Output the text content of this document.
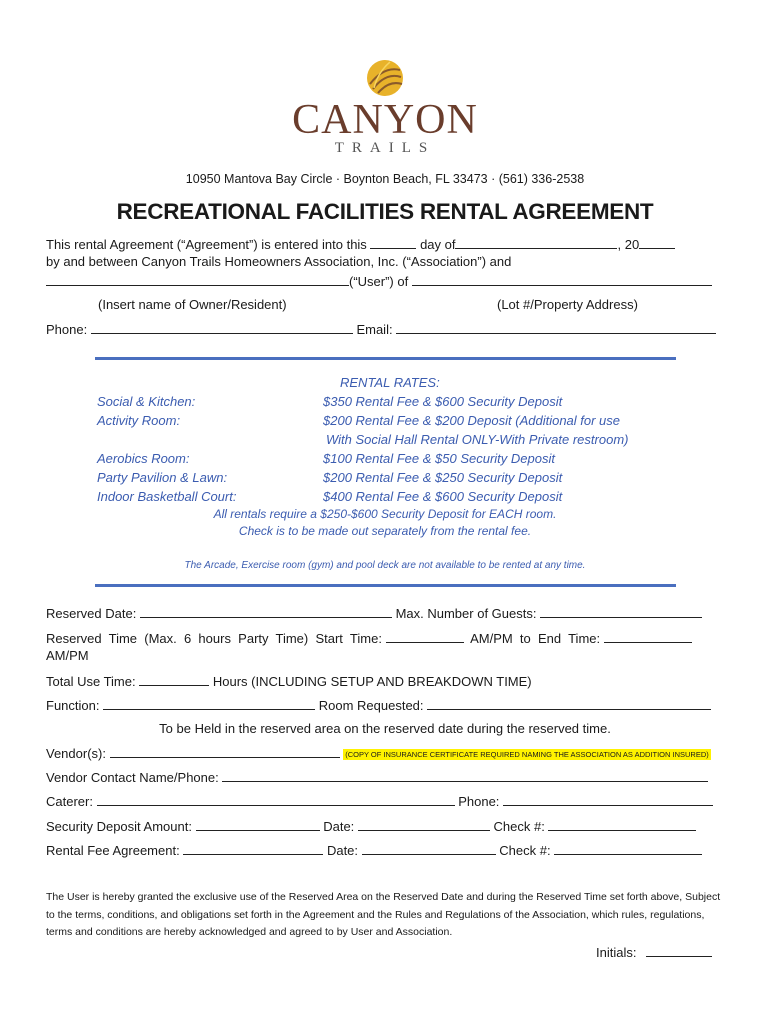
CANYON
TRAILS
10950 Mantova Bay Circle · Boynton Beach, FL 33473 · (561) 336-2538
RECREATIONAL FACILITIES RENTAL AGREEMENT
This rental Agreement (“Agreement”) is entered into this	day of	, 20
by and between Canyon Trails Homeowners Association, Inc. (“Association”) and
(“User”) of
(Insert name of Owner/Resident)	(Lot #/Property Address)
Phone:	Email:
RENTAL RATES:
Social & Kitchen:	$350 Rental Fee & $600 Security Deposit
Activity Room:	$200 Rental Fee & $200 Deposit (Additional for use
With Social Hall Rental ONLY-With Private restroom)
Aerobics Room:	$100 Rental Fee & $50 Security Deposit
Party Pavilion & Lawn:	$200 Rental Fee & $250 Security Deposit
Indoor Basketball Court:	$400 Rental Fee & $600 Security Deposit
All rentals require a $250-$600 Security Deposit for EACH room.
Check is to be made out separately from the rental fee.
The Arcade, Exercise room (gym) and pool deck are not available to be rented at any time.
Reserved Date:	Max. Number of Guests:
Reserved  Time  (Max.  6  hours  Party  Time)  Start  Time:	AM/PM  to  End  Time:
AM/PM
Total Use Time:	Hours (INCLUDING SETUP AND BREAKDOWN TIME)
Function:	Room Requested:
To be Held in the reserved area on the reserved date during the reserved time.
Vendor(s):	(COPY OF INSURANCE CERTIFICATE REQUIRED NAMING THE ASSOCIATION AS ADDITION INSURED)
Vendor Contact Name/Phone:
Caterer:	Phone:
Security Deposit Amount:	Date:	Check #:
Rental Fee Agreement:	Date:	Check #:
The User is hereby granted the exclusive use of the Reserved Area on the Reserved Date and during the Reserved Time set forth above, Subject to the terms, conditions, and obligations set forth in the Agreement and the Rules and Regulations of the Association, which rules, regulations, terms and conditions are hereby acknowledged and agreed to by User and Association.
Initials:
